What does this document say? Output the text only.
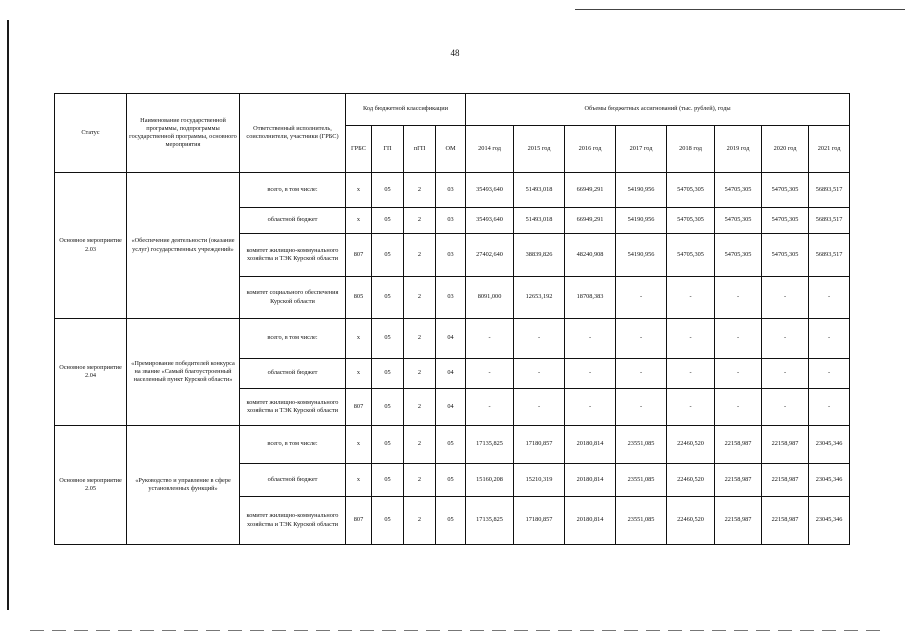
48
Статус	Наименование государственной программы, подпрограммы государственной программы, основного мероприятия	Ответственный исполнитель, соисполнители, участники (ГРБС)	Код бюджетной классификации				Объемы бюджетных ассигнований (тыс. рублей), годы							
			ГРБС	ГП	пГП	ОМ	2014 год	2015 год	2016 год	2017 год	2018 год	2019 год	2020 год	2021 год
Основное мероприятие 2.03	«Обеспечение деятельности (оказание услуг) государственных учреждений»	всего, в том числе:	х	05	2	03	35493,640	51493,018	66949,291	54190,956	54705,305	54705,305	54705,305	56893,517
		областной бюджет	х	05	2	03	35493,640	51493,018	66949,291	54190,956	54705,305	54705,305	54705,305	56893,517
		комитет жилищно-коммунального хозяйства и ТЭК Курской области	807	05	2	03	27402,640	38839,826	48240,908	54190,956	54705,305	54705,305	54705,305	56893,517
		комитет социального обеспечения Курской области	805	05	2	03	8091,000	12653,192	18708,383	-	-	-	-	-
Основное мероприятие 2.04	«Премирование победителей конкурса на звание «Самый благоустроенный населенный пункт Курской области»	всего, в том числе:	х	05	2	04	-	-	-	-	-	-	-	-
		областной бюджет	х	05	2	04	-	-	-	-	-	-	-	-
		комитет жилищно-коммунального хозяйства и ТЭК Курской области	807	05	2	04	-	-	-	-	-	-	-	-
Основное мероприятие 2.05	«Руководство и управление в сфере установленных функций»	всего, в том числе:	х	05	2	05	17135,825	17180,857	20180,814	23551,085	22460,520	22158,987	22158,987	23045,346
		областной бюджет	х	05	2	05	15160,208	15210,319	20180,814	23551,085	22460,520	22158,987	22158,987	23045,346
		комитет жилищно-коммунального хозяйства и ТЭК Курской области	807	05	2	05	17135,825	17180,857	20180,814	23551,085	22460,520	22158,987	22158,987	23045,346
